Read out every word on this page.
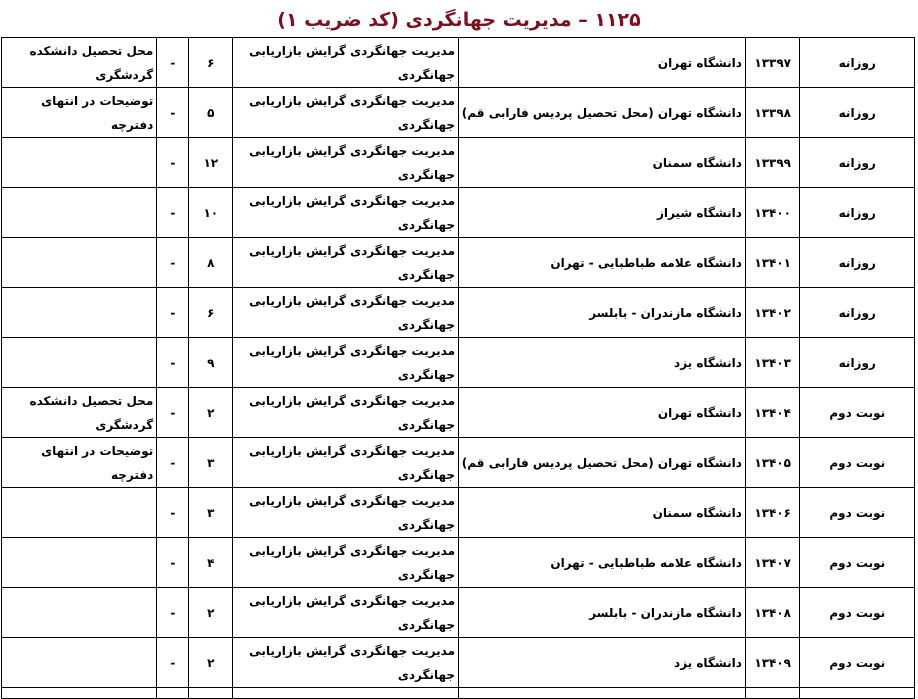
۱۱۲۵ – مدیریت جهانگردی (کد ضریب ۱)
روزانه	۱۳۳۹۷	دانشگاه تهران	مدیریت جهانگردی گرایش بازاریابی جهانگردی	۶	-	محل تحصیل دانشکده گردشگری
روزانه	۱۳۳۹۸	دانشگاه تهران (محل تحصیل پردیس فارابی قم)	مدیریت جهانگردی گرایش بازاریابی جهانگردی	۵	-	توضیحات در انتهای دفترچه
روزانه	۱۳۳۹۹	دانشگاه سمنان	مدیریت جهانگردی گرایش بازاریابی جهانگردی	۱۲	-	
روزانه	۱۳۴۰۰	دانشگاه شیراز	مدیریت جهانگردی گرایش بازاریابی جهانگردی	۱۰	-	
روزانه	۱۳۴۰۱	دانشگاه علامه طباطبایی - تهران	مدیریت جهانگردی گرایش بازاریابی جهانگردی	۸	-	
روزانه	۱۳۴۰۲	دانشگاه مازندران - بابلسر	مدیریت جهانگردی گرایش بازاریابی جهانگردی	۶	-	
روزانه	۱۳۴۰۳	دانشگاه یزد	مدیریت جهانگردی گرایش بازاریابی جهانگردی	۹	-	
نوبت دوم	۱۳۴۰۴	دانشگاه تهران	مدیریت جهانگردی گرایش بازاریابی جهانگردی	۲	-	محل تحصیل دانشکده گردشگری
نوبت دوم	۱۳۴۰۵	دانشگاه تهران (محل تحصیل پردیس فارابی قم)	مدیریت جهانگردی گرایش بازاریابی جهانگردی	۳	-	توضیحات در انتهای دفترچه
نوبت دوم	۱۳۴۰۶	دانشگاه سمنان	مدیریت جهانگردی گرایش بازاریابی جهانگردی	۳	-	
نوبت دوم	۱۳۴۰۷	دانشگاه علامه طباطبایی - تهران	مدیریت جهانگردی گرایش بازاریابی جهانگردی	۴	-	
نوبت دوم	۱۳۴۰۸	دانشگاه مازندران - بابلسر	مدیریت جهانگردی گرایش بازاریابی جهانگردی	۲	-	
نوبت دوم	۱۳۴۰۹	دانشگاه یزد	مدیریت جهانگردی گرایش بازاریابی جهانگردی	۲	-	
